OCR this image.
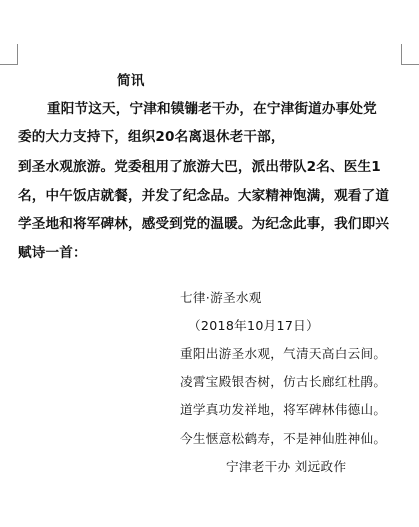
简讯
重阳节这天，宁津和镆镚老干办，在宁津街道办事处党
委的大力支持下，组织20名离退休老干部，
到圣水观旅游。党委租用了旅游大巴，派出带队2名、医生1
名，中午饭店就餐，并发了纪念品。大家精神饱满，观看了道
学圣地和将军碑林，感受到党的温暖。为纪念此事，我们即兴
赋诗一首：
七律·游圣水观
（2018年10月17日）
重阳出游圣水观，气清天高白云间。
凌霄宝殿银杏树，仿古长廊红杜鹃。
道学真功发祥地，将军碑林伟德山。
今生惬意松鹤寿，不是神仙胜神仙。
宁津老干办 刘远政作
